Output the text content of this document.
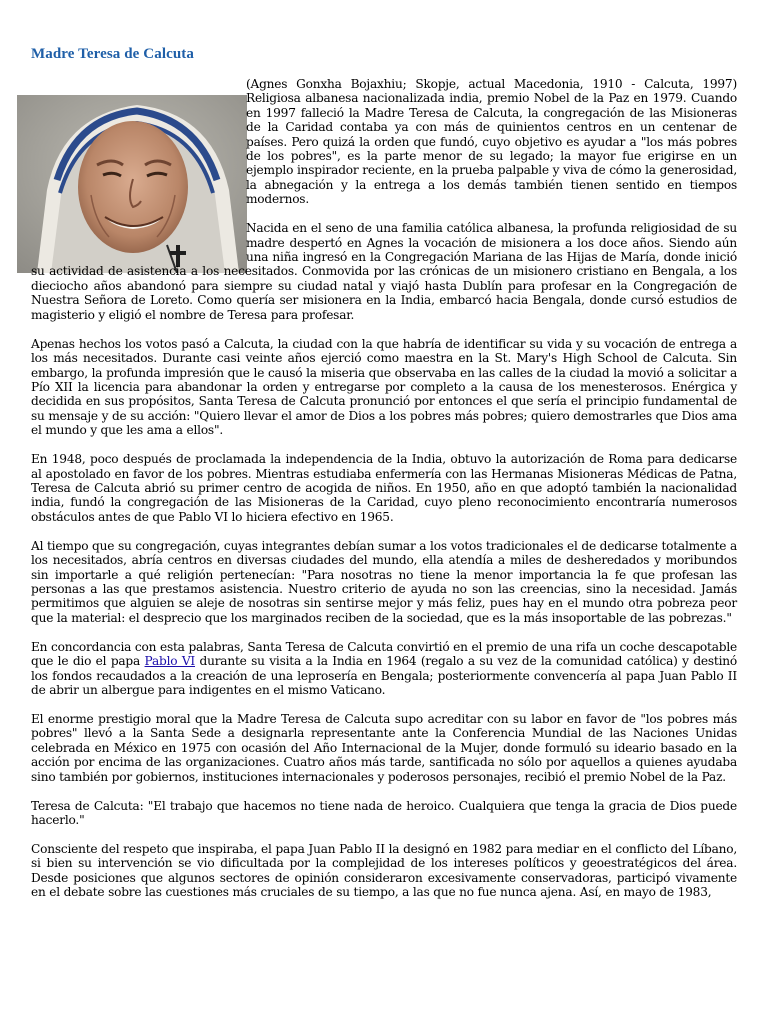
Madre Teresa de Calcuta

(Agnes Gonxha Bojaxhiu; Skopje, actual Macedonia, 1910 - Calcuta, 1997) Religiosa albanesa nacionalizada india, premio Nobel de la Paz en 1979. Cuando en 1997 falleció la Madre Teresa de Calcuta, la congregación de las Misioneras de la Caridad contaba ya con más de quinientos centros en un centenar de países. Pero quizá la orden que fundó, cuyo objetivo es ayudar a "los más pobres de los pobres", es la parte menor de su legado; la mayor fue erigirse en un ejemplo inspirador reciente, en la prueba palpable y viva de cómo la generosidad, la abnegación y la entrega a los demás también tienen sentido en tiempos modernos.

Nacida en el seno de una familia católica albanesa, la profunda religiosidad de su madre despertó en Agnes la vocación de misionera a los doce años. Siendo aún una niña ingresó en la Congregación Mariana de las Hijas de María, donde inició su actividad de asistencia a los necesitados. Conmovida por las crónicas de un misionero cristiano en Bengala, a los dieciocho años abandonó para siempre su ciudad natal y viajó hasta Dublín para profesar en la Congregación de Nuestra Señora de Loreto. Como quería ser misionera en la India, embarcó hacia Bengala, donde cursó estudios de magisterio y eligió el nombre de Teresa para profesar.

Apenas hechos los votos pasó a Calcuta, la ciudad con la que habría de identificar su vida y su vocación de entrega a los más necesitados. Durante casi veinte años ejerció como maestra en la St. Mary's High School de Calcuta. Sin embargo, la profunda impresión que le causó la miseria que observaba en las calles de la ciudad la movió a solicitar a Pío XII la licencia para abandonar la orden y entregarse por completo a la causa de los menesterosos. Enérgica y decidida en sus propósitos, Santa Teresa de Calcuta pronunció por entonces el que sería el principio fundamental de su mensaje y de su acción: "Quiero llevar el amor de Dios a los pobres más pobres; quiero demostrarles que Dios ama el mundo y que les ama a ellos".

En 1948, poco después de proclamada la independencia de la India, obtuvo la autorización de Roma para dedicarse al apostolado en favor de los pobres. Mientras estudiaba enfermería con las Hermanas Misioneras Médicas de Patna, Teresa de Calcuta abrió su primer centro de acogida de niños. En 1950, año en que adoptó también la nacionalidad india, fundó la congregación de las Misioneras de la Caridad, cuyo pleno reconocimiento encontraría numerosos obstáculos antes de que Pablo VI lo hiciera efectivo en 1965.

Al tiempo que su congregación, cuyas integrantes debían sumar a los votos tradicionales el de dedicarse totalmente a los necesitados, abría centros en diversas ciudades del mundo, ella atendía a miles de desheredados y moribundos sin importarle a qué religión pertenecían: "Para nosotras no tiene la menor importancia la fe que profesan las personas a las que prestamos asistencia. Nuestro criterio de ayuda no son las creencias, sino la necesidad. Jamás permitimos que alguien se aleje de nosotras sin sentirse mejor y más feliz, pues hay en el mundo otra pobreza peor que la material: el desprecio que los marginados reciben de la sociedad, que es la más insoportable de las pobrezas."

En concordancia con esta palabras, Santa Teresa de Calcuta convirtió en el premio de una rifa un coche descapotable que le dio el papa Pablo VI durante su visita a la India en 1964 (regalo a su vez de la comunidad católica) y destinó los fondos recaudados a la creación de una leprosería en Bengala; posteriormente convencería al papa Juan Pablo II de abrir un albergue para indigentes en el mismo Vaticano.

El enorme prestigio moral que la Madre Teresa de Calcuta supo acreditar con su labor en favor de "los pobres más pobres" llevó a la Santa Sede a designarla representante ante la Conferencia Mundial de las Naciones Unidas celebrada en México en 1975 con ocasión del Año Internacional de la Mujer, donde formuló su ideario basado en la acción por encima de las organizaciones. Cuatro años más tarde, santificada no sólo por aquellos a quienes ayudaba sino también por gobiernos, instituciones internacionales y poderosos personajes, recibió el premio Nobel de la Paz.

Teresa de Calcuta: "El trabajo que hacemos no tiene nada de heroico. Cualquiera que tenga la gracia de Dios puede hacerlo."

Consciente del respeto que inspiraba, el papa Juan Pablo II la designó en 1982 para mediar en el conflicto del Líbano, si bien su intervención se vio dificultada por la complejidad de los intereses políticos y geoestratégicos del área. Desde posiciones que algunos sectores de opinión consideraron excesivamente conservadoras, participó vivamente en el debate sobre las cuestiones más cruciales de su tiempo, a las que no fue nunca ajena. Así, en mayo de 1983,
